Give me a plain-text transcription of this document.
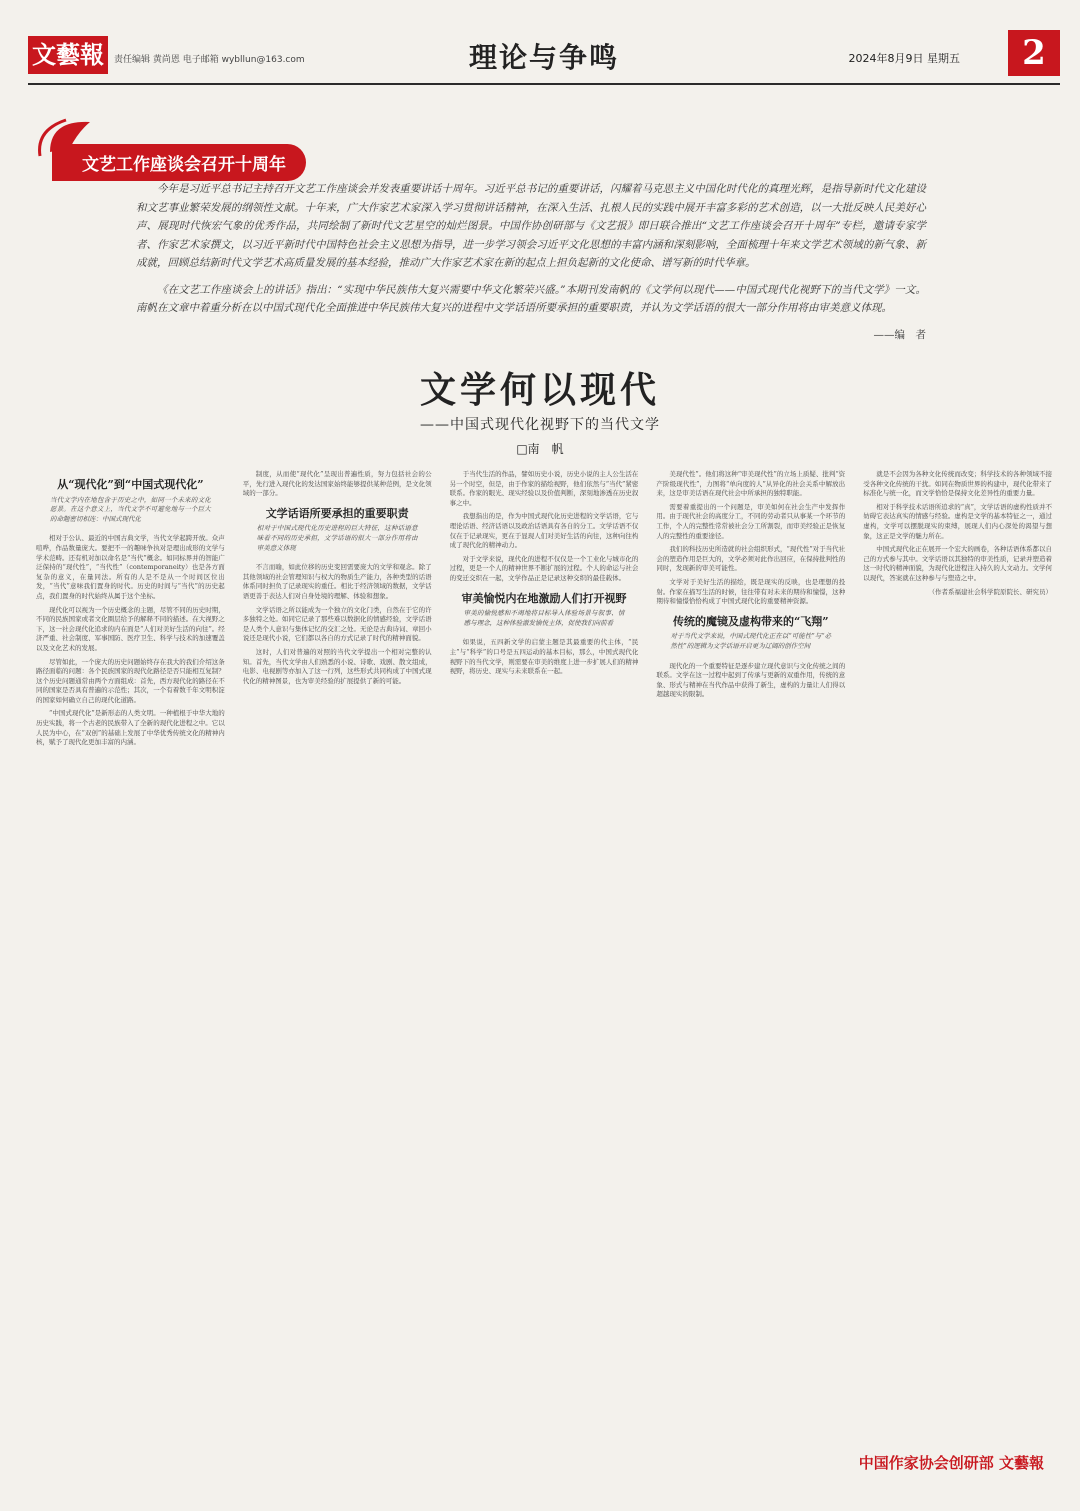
文藝報	责任编辑 黄尚恩 电子邮箱 wybllun@163.com	理论与争鸣	2024年8月9日 星期五	2
文艺工作座谈会召开十周年

今年是习近平总书记主持召开文艺工作座谈会并发表重要讲话十周年。习近平总书记的重要讲话，闪耀着马克思主义中国化时代化的真理光辉，是指导新时代文化建设和文艺事业繁荣发展的纲领性文献。十年来，广大作家艺术家深入学习贯彻讲话精神，在深入生活、扎根人民的实践中展开丰富多彩的艺术创造，以一大批反映人民美好心声、展现时代恢宏气象的优秀作品，共同绘制了新时代文艺星空的灿烂图景。中国作协创研部与《文艺报》即日联合推出“文艺工作座谈会召开十周年”专栏，邀请专家学者、作家艺术家撰文，以习近平新时代中国特色社会主义思想为指导，进一步学习领会习近平文化思想的丰富内涵和深刻影响，全面梳理十年来文学艺术领域的新气象、新成就，回顾总结新时代文学艺术高质量发展的基本经验，推动广大作家艺术家在新的起点上担负起新的文化使命、谱写新的时代华章。

《在文艺工作座谈会上的讲话》指出：“实现中华民族伟大复兴需要中华文化繁荣兴盛。”本期刊发南帆的《文学何以现代——中国式现代化视野下的当代文学》一文。南帆在文章中着重分析在以中国式现代化全面推进中华民族伟大复兴的进程中文学话语所要承担的重要职责，并认为文学话语的很大一部分作用将由审美意义体现。

——编　者

文学何以现代
——中国式现代化视野下的当代文学
□南　帆
从“现代化”到“中国式现代化”

当代文学内在地包含于历史之中，如同一个未来的文化愿景。在这个意义上，当代文学不可避免地与一个巨大的命题密切相连：中国式现代化

相对于公认、最近的中国古典文学，当代文学起跨开放。众声喧哗，作品数量庞大。要把不一的趣味争执对是理出成形的文学与学术范畴。还有机对加以命名是“当代”概念。如同标界并的智能广泛保持的“现代性”，“当代性”（contemporaneity）也是各方面复杂的意义，在量同法。所有的人是不是从一个时间区位出发，“当代”意味我们置身的时代。历史的时间与“当代”的历史起点，我们置身的时代始终从属于这个坐标。

现代化可以视为一个历史概念的主题，尽管不同的历史时期，不同的民族国家或者文化圈层给予的解释不同的描述。在大视野之下，这一社会现代化追求的内在面是“人们对美好生活的向往”。经济严重、社会制度、军事国防、医疗卫生、科学与技术的加速覆盖以及文化艺术的发展。

尽管如此，一个庞大的历史问题始终存在我大的我们介绍这条路径面临的问题：各个民族国家的现代化路径是否只能相互复制？这个历史问题通常由两个方面组成：首先，西方现代化的路径在不同的国家是否具有普遍的示范性；其次，一个有着数千年文明积淀的国家如何确立自己的现代化道路。

“中国式现代化”是新形态的人类文明。一种植根于中华大地的历史实践，将一个古老的民族带入了全新的现代化进程之中。它以人民为中心，在“双创”的基础上发展了中华优秀传统文化的精神内核，赋予了现代化更加丰富的内涵。

制度，从而使“现代化”呈现出普遍性质，努力包括社会的公平，先行进入现代化的发达国家始终能够提供某种范例，是文化领域的一部分。

文学话语所要承担的重要职责

相对于中国式现代化历史进程的巨大特征，这种话语意味着不同的历史承担，文学话语的很大一部分作用将由审美意义体现

不言而喻，如此位移的历史变回需要庞大的文学和观念。除了其他领域的社会管理知识与权大的物质生产能力，各种类型的话语体系同时担负了记录现实的重任。相比于经济领域的数据，文学话语更善于表达人们对自身处境的理解、体验和想象。

文学话语之所以能成为一个独立的文化门类，自然在于它的许多独特之处。如同它记录了那些难以数据化的情感经验，文学话语是人类个人意识与集体记忆的交汇之处。无论是古典诗词、章回小说还是现代小说，它们都以各自的方式记录了时代的精神面貌。

这时，人们对普遍的对照的当代文学提出一个相对完整的认知。首先，当代文学由人们熟悉的小说、诗歌、戏剧、散文组成，电影、电视剧等亦加入了这一行列，这些形式共同构成了中国式现代化的精神图景，也为审美经验的扩展提供了新的可能。

于当代生活的作品，譬如历史小说，历史小说的主人公生活在另一个时空，但是，由于作家的描绘视野，他们依然与“当代”紧密联系。作家的眼光、现实经验以及价值判断，深刻地渗透在历史叙事之中。

我想指出的是，作为中国式现代化历史进程的文学话语，它与理论话语、经济话语以及政治话语具有各自的分工。文学话语不仅仅在于记录现实，更在于显现人们对美好生活的向往，这种向往构成了现代化的精神动力。

对于文学来说，现代化的进程不仅仅是一个工业化与城市化的过程，更是一个人的精神世界不断扩展的过程。个人的命运与社会的变迁交织在一起，文学作品正是记录这种交织的最佳载体。

审美愉悦内在地激励人们打开视野

审美的愉悦感和不竭地将目标导入体验场景与叙事、情感与理念，这种体验激发愉悦主体，促使我们向前看

如果说，五四新文学的启蒙主题是其最重要的代主体，“民主”与“科学”的口号是五四运动的基本目标，那么，中国式现代化视野下的当代文学，则需要在审美的维度上进一步扩展人们的精神视野，将历史、现实与未来联系在一起。

美现代性”。他们将这种“审美现代性”的立场上质疑、批判“资产阶级现代性”，力图将“单向度的人”从异化的社会关系中解放出来，这是审美话语在现代社会中所承担的独特职能。

需要着重提出的一个问题是，审美如何在社会生产中发挥作用。由于现代社会的高度分工，不同的劳动者只从事某一个环节的工作，个人的完整性常常被社会分工所割裂，而审美经验正是恢复人的完整性的重要途径。

我们的科技历史所造就的社会组织形式，“现代性”对于当代社会的塑造作用是巨大的，文学必须对此作出回应，在保持批判性的同时，发现新的审美可能性。

文学对于美好生活的描绘，既是现实的反映，也是理想的投射。作家在描写生活的时候，往往带有对未来的期待和憧憬，这种期待和憧憬恰恰构成了中国式现代化的重要精神资源。

传统的魔镜及虚构带来的“飞翔”

对于当代文学来说，中国式现代化正在以“可能性”与“必然性”的逻辑为文学话语开启更为辽阔的创作空间

现代化的一个重要特征是逐步建立现代意识与文化传统之间的联系。文学在这一过程中起到了传承与更新的双重作用，传统的意象、形式与精神在当代作品中获得了新生，虚构的力量让人们得以超越现实的限制。

就是不会因为各种文化传统而改变；科学技术的各种领域不接受各种文化传统的干扰。如同在物质世界的构建中，现代化带来了标准化与统一化，而文学恰恰是保持文化差异性的重要力量。

相对于科学技术话语所追求的“真”，文学话语的虚构性质并不妨碍它表达真实的情感与经验。虚构是文学的基本特征之一，通过虚构，文学可以摆脱现实的束缚，展现人们内心深处的渴望与想象，这正是文学的魅力所在。

中国式现代化正在展开一个宏大的画卷，各种话语体系都以自己的方式参与其中。文学话语以其独特的审美性质，记录并塑造着这一时代的精神面貌，为现代化进程注入持久的人文动力。文学何以现代，答案就在这种参与与塑造之中。

（作者系福建社会科学院原院长、研究员）

中国作家协会创研部 文藝報
